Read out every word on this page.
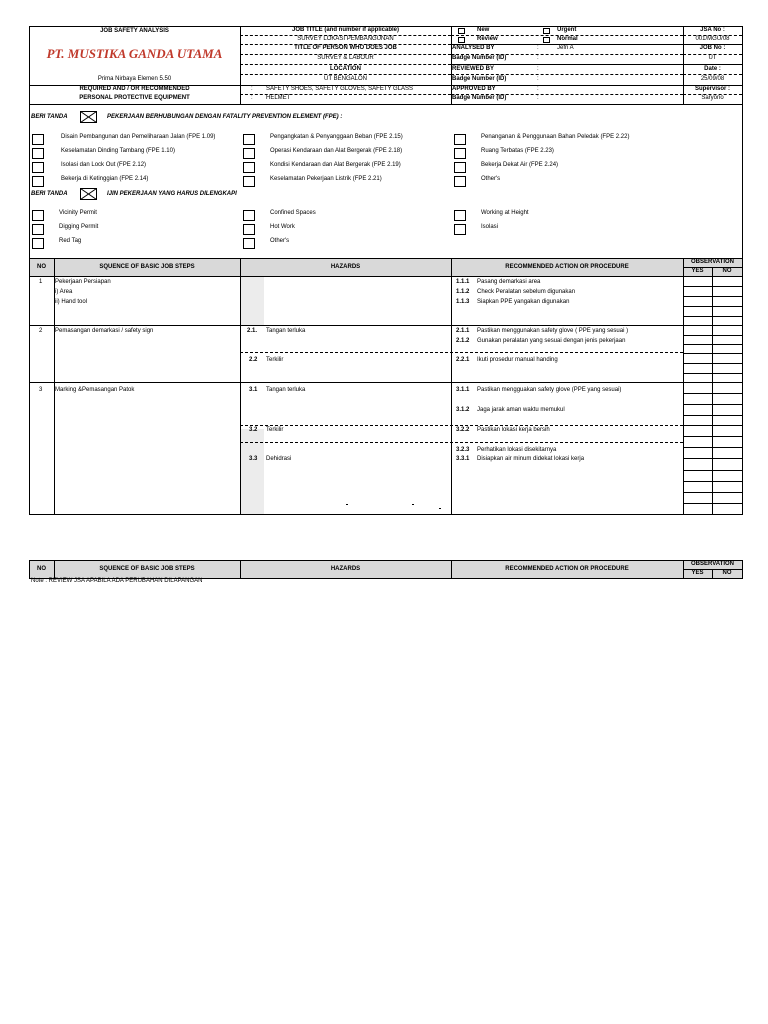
JOB SAFETY ANALYSIS
PT. MUSTIKA GANDA UTAMA
Prima Nirbaya Elemen 5.50
REQUIRED AND / OR RECOMMENDED
PERSONAL PROTECTIVE EQUIPMENT
JOB TITLE (and number if applicable)
SURVEY LOKASI PEMBANGUNAN
TITLE OF PERSON WHO DOES JOB
SURVEY & LABOUR
LOCATION
UT BENGALON
: SAFETY SHOES, SAFETY GLOVES, SAFETY GLASS
: HELMET
New	Urgent
Review	Normal
ANALYSED BY	:	Jefri A
Badge Number (ID)	:
REVIEWED BY	:
Badge Number (ID)	:
APPROVED BY	:
Badge Number (ID)	:
JSA No :
001/MGU/08
JOB No :
UT
Date :
25/09/08
Supervisor :
Saryono
BERI TANDA	PEKERJAAN BERHUBUNGAN DENGAN FATALITY PREVENTION ELEMENT (FPE) :
Disain Pembangunan dan Pemeliharaan Jalan (FPE 1.09)
Keselamatan Dinding Tambang (FPE 1.10)
Isolasi dan Lock Out (FPE 2.12)
Bekerja di Ketinggian (FPE 2.14)
Pengangkatan & Penyanggaan Beban (FPE 2.15)
Operasi Kendaraan dan Alat Bergerak (FPE 2.18)
Kondisi Kendaraan dan Alat Bergerak (FPE 2.19)
Keselamatan Pekerjaan Listrik (FPE 2.21)
Penanganan & Penggunaan Bahan Peledak (FPE 2.22)
Ruang Terbatas (FPE 2.23)
Bekerja Dekat Air (FPE 2.24)
Other's
BERI TANDA	IJIN PEKERJAAN YANG HARUS DILENGKAPI
Vicinity Permit
Digging Permit
Red Tag
Confined Spaces
Hot Work
Other's
Working at Height
Isolasi
NO	SQUENCE OF BASIC JOB STEPS	HAZARDS	RECOMMENDED ACTION OR PROCEDURE
OBSERVATION
YES	NO
1 Pekerjaan Persiapan
i) Area
ii) Hand tool
1.1.1 Pasang demarkasi area
1.1.2 Check Peralatan sebelum digunakan
1.1.3 Siapkan PPE yangakan digunakan
2 Pemasangan demarkasi / safety sign	2.1. Tangan terluka	2.1.1 Pastikan menggunakan safety glove ( PPE yang sesuai )
2.1.2 Gunakan peralatan yang sesuai dengan jenis pekerjaan
2.2 Terkilir	2.2.1 Ikuti prosedur manual handing
3 Marking &Pemasangan Patok	3.1 Tangan terluka	3.1.1 Pastikan mengguakan safety glove (PPE yang sesuai)
3.1.2 Jaga jarak aman waktu memukul
3.2 Terkilir	3.2.2 Pastikan lokasi kerja bersih
3.2.3 Perhatikan lokasi disekitarnya
3.3 Dehidrasi	3.3.1 Disiapkan air minum didekat lokasi kerja
NO	SQUENCE OF BASIC JOB STEPS	HAZARDS	RECOMMENDED ACTION OR PROCEDURE
OBSERVATION
YES	NO
Note : REVIEW JSA APABILA ADA PERUBAHAN DILAPANGAN
